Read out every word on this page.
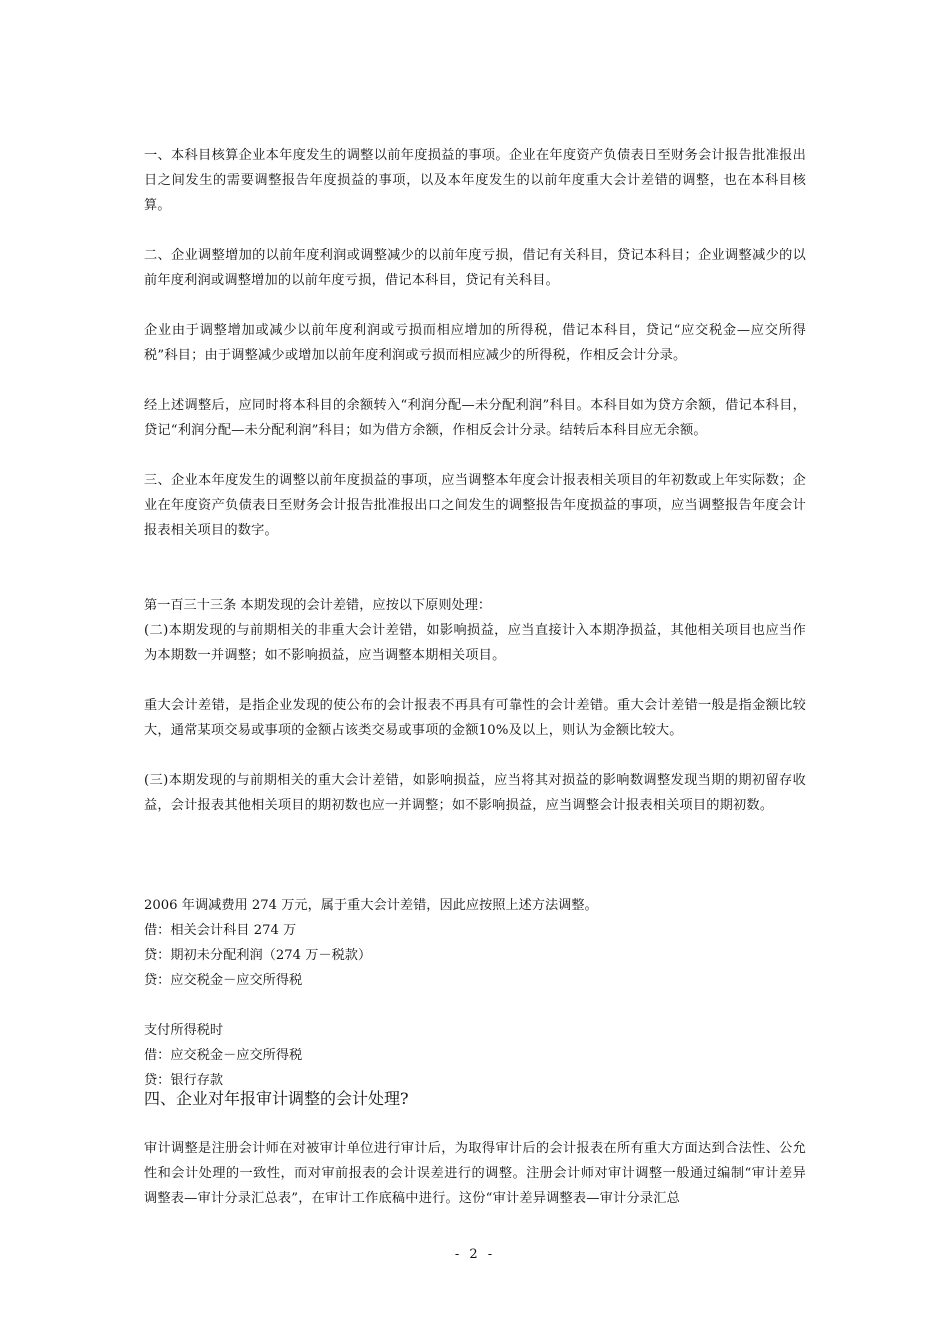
一、本科目核算企业本年度发生的调整以前年度损益的事项。企业在年度资产负债表日至财务会计报告批准报出日之间发生的需要调整报告年度损益的事项，以及本年度发生的以前年度重大会计差错的调整，也在本科目核算。

二、企业调整增加的以前年度利润或调整减少的以前年度亏损，借记有关科目，贷记本科目；企业调整减少的以前年度利润或调整增加的以前年度亏损，借记本科目，贷记有关科目。

企业由于调整增加或减少以前年度利润或亏损而相应增加的所得税，借记本科目，贷记“应交税金—应交所得税”科目；由于调整减少或增加以前年度利润或亏损而相应减少的所得税，作相反会计分录。

经上述调整后，应同时将本科目的余额转入“利润分配—未分配利润”科目。本科目如为贷方余额，借记本科目，贷记“利润分配—未分配利润”科目；如为借方余额，作相反会计分录。结转后本科目应无余额。

三、企业本年度发生的调整以前年度损益的事项，应当调整本年度会计报表相关项目的年初数或上年实际数；企业在年度资产负债表日至财务会计报告批准报出口之间发生的调整报告年度损益的事项，应当调整报告年度会计报表相关项目的数字。

第一百三十三条 本期发现的会计差错，应按以下原则处理：

(二)本期发现的与前期相关的非重大会计差错，如影响损益，应当直接计入本期净损益，其他相关项目也应当作为本期数一并调整；如不影响损益，应当调整本期相关项目。

重大会计差错，是指企业发现的使公布的会计报表不再具有可靠性的会计差错。重大会计差错一般是指金额比较大，通常某项交易或事项的金额占该类交易或事项的金额10%及以上，则认为金额比较大。

(三)本期发现的与前期相关的重大会计差错，如影响损益，应当将其对损益的影响数调整发现当期的期初留存收益，会计报表其他相关项目的期初数也应一并调整；如不影响损益，应当调整会计报表相关项目的期初数。

2006 年调减费用 274 万元，属于重大会计差错，因此应按照上述方法调整。

借：相关会计科目 274 万

贷：期初未分配利润（274 万－税款）

贷：应交税金－应交所得税

支付所得税时

借：应交税金－应交所得税

贷：银行存款

四、企业对年报审计调整的会计处理?

审计调整是注册会计师在对被审计单位进行审计后，为取得审计后的会计报表在所有重大方面达到合法性、公允性和会计处理的一致性，而对审前报表的会计误差进行的调整。注册会计师对审计调整一般通过编制“审计差异调整表—审计分录汇总表”，在审计工作底稿中进行。这份“审计差异调整表—审计分录汇总

- 2 -
